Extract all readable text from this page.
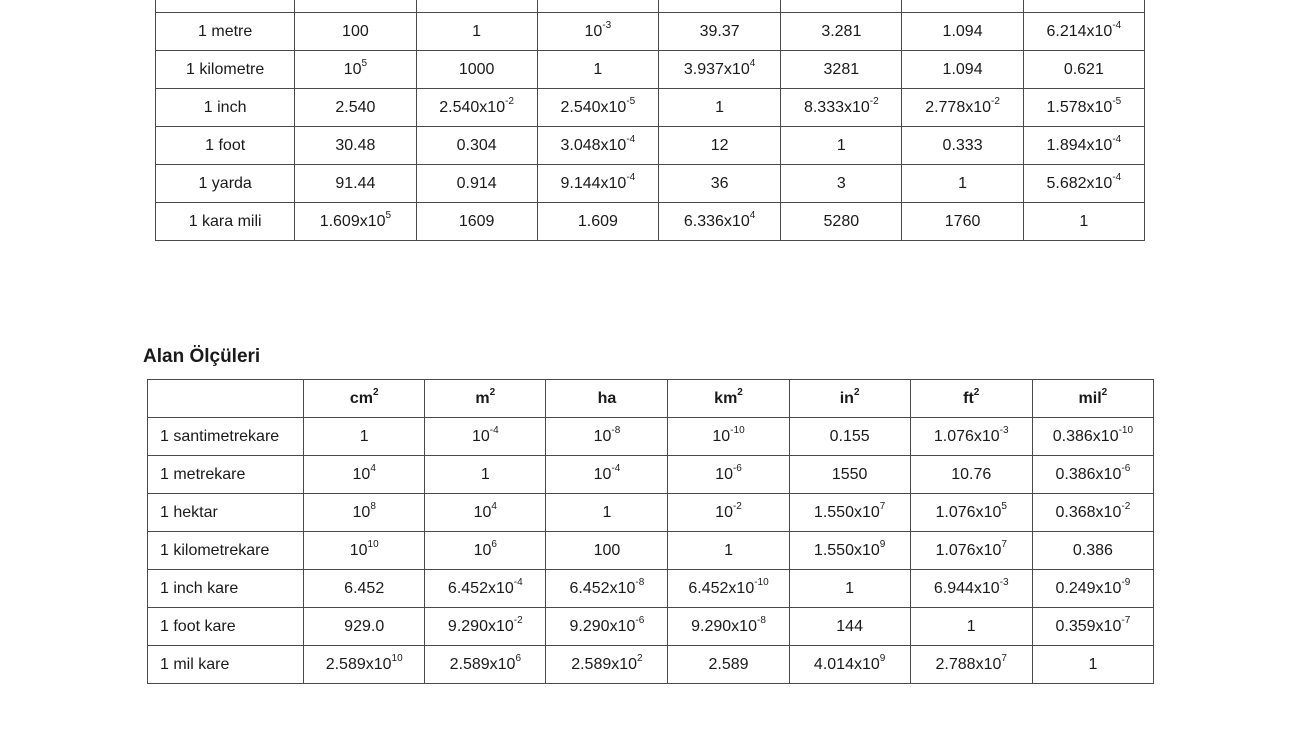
1 metre	100	1	$10^{-3}$	39.37	3.281	1.094	$6.214x10^{-4}$
1 kilometre	$10^5$	1000	1	$3.937x10^4$	3281	1.094	0.621
1 inch	2.540	$2.540x10^{-2}$	$2.540x10^{-5}$	1	$8.333x10^{-2}$	$2.778x10^{-2}$	$1.578x10^{-5}$
1 foot	30.48	0.304	$3.048x10^{-4}$	12	1	0.333	$1.894x10^{-4}$
1 yarda	91.44	0.914	$9.144x10^{-4}$	36	3	1	$5.682x10^{-4}$
1 kara mili	$1.609x10^5$	1609	1.609	$6.336x10^4$	5280	1760	1
Alan Ölçüleri
	$cm^2$	$m^2$	ha	$km^2$	$in^2$	$ft^2$	mil$^2$
1 santimetrekare	1	$10^{-4}$	$10^{-8}$	$10^{-10}$	0.155	$1.076x10^{-3}$	$0.386x10^{-10}$
1 metrekare	$10^4$	1	$10^{-4}$	$10^{-6}$	1550	10.76	$0.386x10^{-6}$
1 hektar	$10^8$	$10^4$	1	$10^{-2}$	$1.550x10^7$	$1.076x10^5$	$0.368x10^{-2}$
1 kilometrekare	$10^{10}$	$10^6$	100	1	$1.550x10^9$	$1.076x10^7$	0.386
1 inch kare	6.452	$6.452x10^{-4}$	$6.452x10^{-8}$	$6.452x10^{-10}$	1	$6.944x10^{-3}$	$0.249x10^{-9}$
1 foot kare	929.0	$9.290x10^{-2}$	$9.290x10^{-6}$	$9.290x10^{-8}$	144	1	$0.359x10^{-7}$
1 mil kare	$2.589x10^{10}$	$2.589x10^6$	$2.589x10^2$	2.589	$4.014x10^9$	$2.788x10^7$	1
